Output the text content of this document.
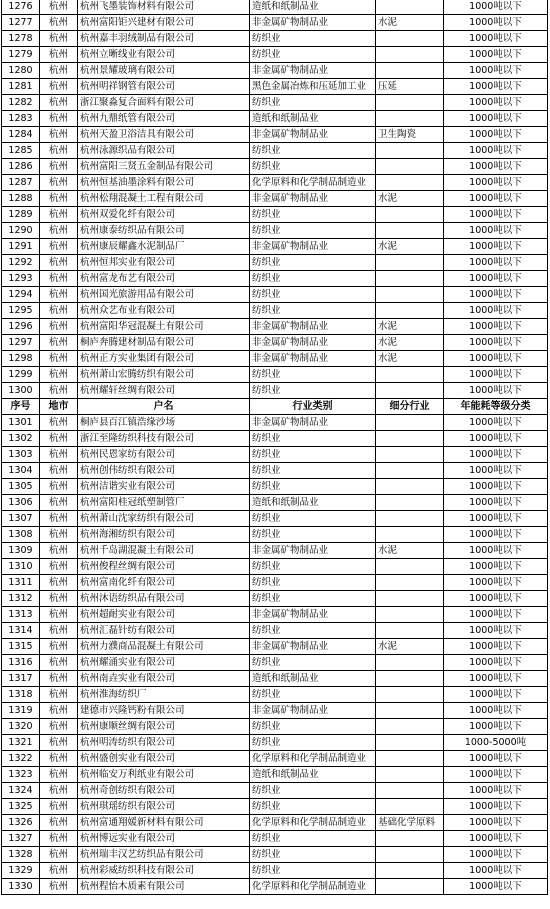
1276	杭州	杭州飞墨装饰材料有限公司	造纸和纸制品业		1000吨以下
1277	杭州	杭州富阳钜兴建材有限公司	非金属矿物制品业	水泥	1000吨以下
1278	杭州	杭州嘉丰羽绒制品有限公司	纺织业		1000吨以下
1279	杭州	杭州立晰线业有限公司	纺织业		1000吨以下
1280	杭州	杭州景耀玻璃有限公司	非金属矿物制品业		1000吨以下
1281	杭州	杭州明祥钢管有限公司	黑色金属冶炼和压延加工业	压延	1000吨以下
1282	杭州	浙江聚淼复合面料有限公司	纺织业		1000吨以下
1283	杭州	杭州九鼎纸管有限公司	造纸和纸制品业		1000吨以下
1284	杭州	杭州天盈卫浴洁具有限公司	非金属矿物制品业	卫生陶瓷	1000吨以下
1285	杭州	杭州泳源织品有限公司	纺织业		1000吨以下
1286	杭州	杭州富阳三贤五金制品有限公司	纺织业		1000吨以下
1287	杭州	杭州恒基油墨涂料有限公司	化学原料和化学制品制造业		1000吨以下
1288	杭州	杭州松翔混凝土工程有限公司	非金属矿物制品业	水泥	1000吨以下
1289	杭州	杭州双爱化纤有限公司	纺织业		1000吨以下
1290	杭州	杭州康泰纺织品有限公司	纺织业		1000吨以下
1291	杭州	杭州康辰耀鑫水泥制品厂	非金属矿物制品业	水泥	1000吨以下
1292	杭州	杭州恒邦实业有限公司	纺织业		1000吨以下
1293	杭州	杭州富龙布艺有限公司	纺织业		1000吨以下
1294	杭州	杭州国光旅游用品有限公司	纺织业		1000吨以下
1295	杭州	杭州众艺布业有限公司	纺织业		1000吨以下
1296	杭州	杭州富阳华冠混凝土有限公司	非金属矿物制品业	水泥	1000吨以下
1297	杭州	桐庐奔腾建材制品有限公司	非金属矿物制品业	水泥	1000吨以下
1298	杭州	杭州正方实业集团有限公司	非金属矿物制品业	水泥	1000吨以下
1299	杭州	杭州萧山宏腾纺织有限公司	纺织业		1000吨以下
1300	杭州	杭州耀轩丝绸有限公司	纺织业		1000吨以下
序号	地市	户名	行业类别	细分行业	年能耗等级分类
1301	杭州	桐庐县百江镇浩缘沙场	非金属矿物制品业		1000吨以下
1302	杭州	浙江至隆纺织科技有限公司	纺织业		1000吨以下
1303	杭州	杭州民恩家纺有限公司	纺织业		1000吨以下
1304	杭州	杭州创伟纺织有限公司	纺织业		1000吨以下
1305	杭州	杭州洁谐实业有限公司	纺织业		1000吨以下
1306	杭州	杭州富阳桂冠纸塑制管厂	造纸和纸制品业		1000吨以下
1307	杭州	杭州萧山沈家纺织有限公司	纺织业		1000吨以下
1308	杭州	杭州海湘纺织有限公司	纺织业		1000吨以下
1309	杭州	杭州千岛湖混凝土有限公司	非金属矿物制品业	水泥	1000吨以下
1310	杭州	杭州俊程丝绸有限公司	纺织业		1000吨以下
1311	杭州	杭州富南化纤有限公司	纺织业		1000吨以下
1312	杭州	杭州沐语纺织品有限公司	纺织业		1000吨以下
1313	杭州	杭州超耐实业有限公司	非金属矿物制品业		1000吨以下
1314	杭州	杭州汇磊针纺有限公司	纺织业		1000吨以下
1315	杭州	杭州力濮商品混凝土有限公司	非金属矿物制品业	水泥	1000吨以下
1316	杭州	杭州耀涌实业有限公司	纺织业		1000吨以下
1317	杭州	杭州南垚实业有限公司	造纸和纸制品业		1000吨以下
1318	杭州	杭州淮海纺织厂	纺织业		1000吨以下
1319	杭州	建德市兴隆钙粉有限公司	非金属矿物制品业		1000吨以下
1320	杭州	杭州康顺丝绸有限公司	纺织业		1000吨以下
1321	杭州	杭州明涛纺织有限公司	纺织业		1000-5000吨
1322	杭州	杭州盛创实业有限公司	化学原料和化学制品制造业		1000吨以下
1323	杭州	杭州临安万利纸业有限公司	造纸和纸制品业		1000吨以下
1324	杭州	杭州奇创纺织有限公司	纺织业		1000吨以下
1325	杭州	杭州琪瑶纺织有限公司	纺织业		1000吨以下
1326	杭州	杭州富通翔媛新材料有限公司	化学原料和化学制品制造业	基础化学原料	1000吨以下
1327	杭州	杭州博远实业有限公司	纺织业		1000吨以下
1328	杭州	杭州瑞丰汉艺纺织品有限公司	纺织业		1000吨以下
1329	杭州	杭州彩威纺织科技有限公司	纺织业		1000吨以下
1330	杭州	杭州程怡木质素有限公司	化学原料和化学制品制造业		1000吨以下
